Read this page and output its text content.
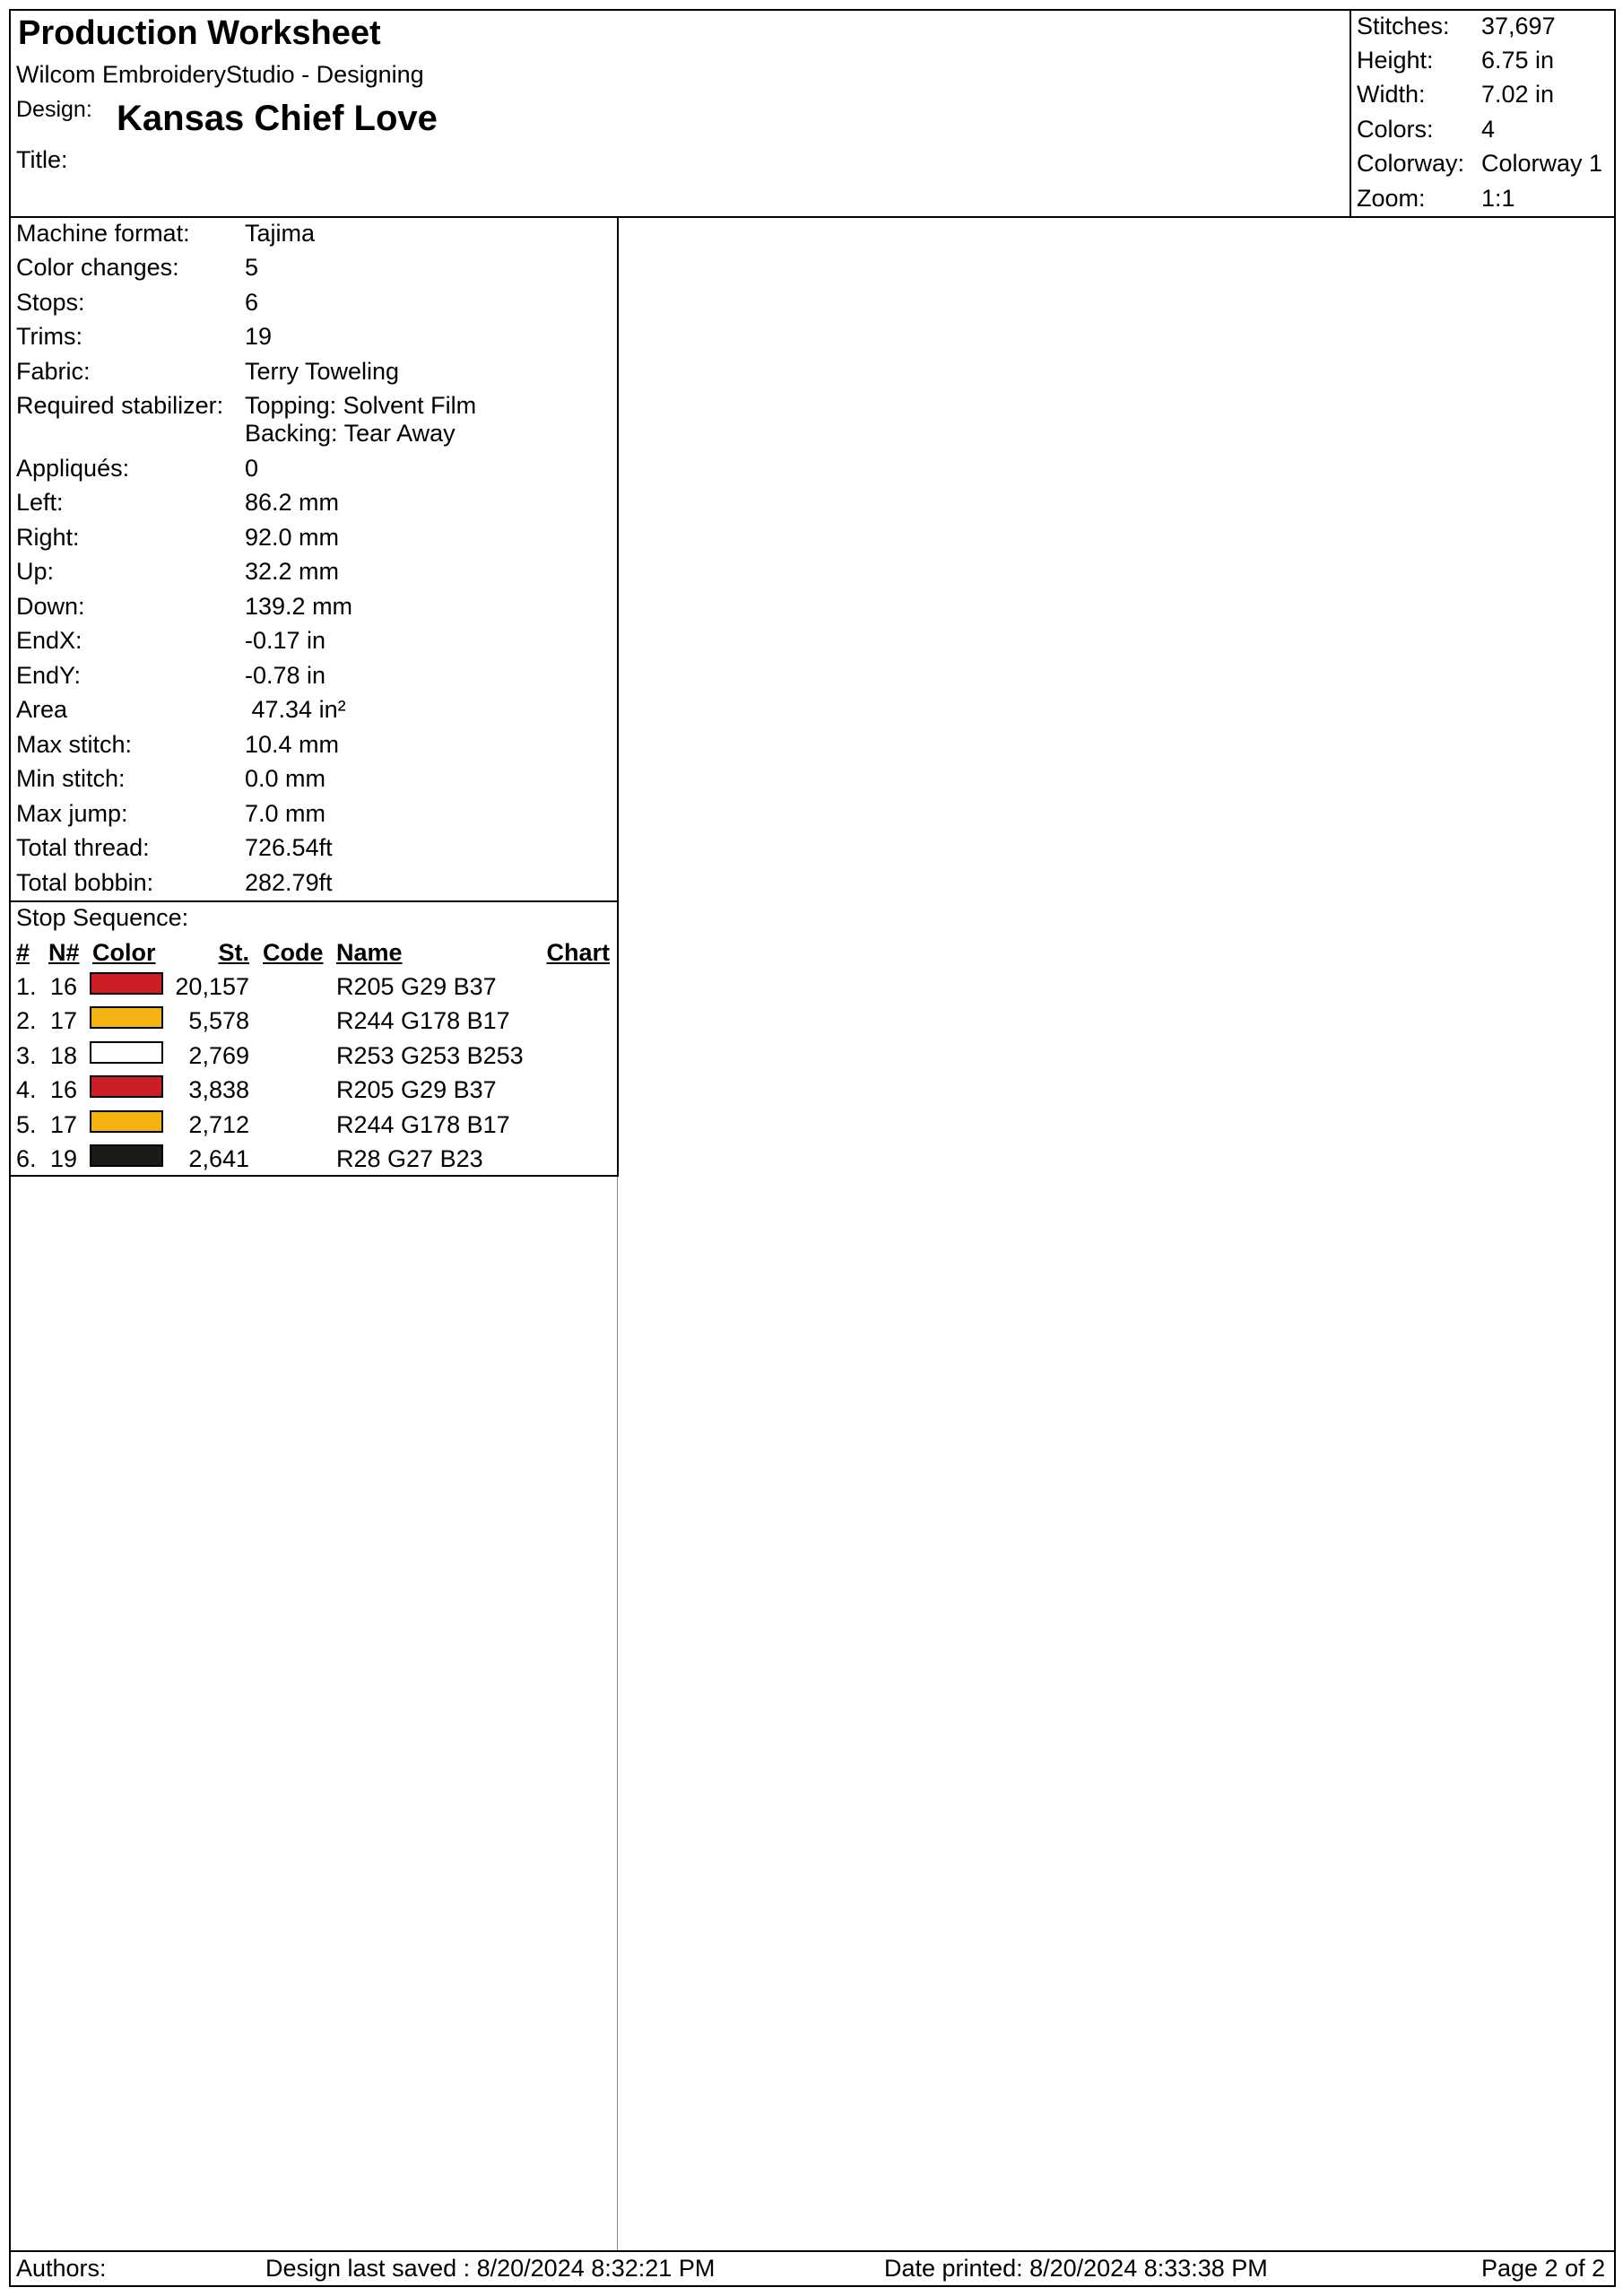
Production Worksheet
Wilcom EmbroideryStudio - Designing
Design: Kansas Chief Love
Title:
Stitches: 37,697
Height: 6.75 in
Width: 7.02 in
Colors: 4
Colorway: Colorway 1
Zoom: 1:1
Machine format: Tajima
Color changes:	5
Stops:	6
Trims:	19
Fabric:	Terry Toweling
Required stabilizer: Topping: Solvent Film
Backing: Tear Away
Appliqués:	0
Left:	86.2 mm
Right:	92.0 mm
Up:	32.2 mm
Down:	139.2 mm
EndX:	-0.17 in
EndY:	-0.78 in
Area	47.34 in²
Max stitch:	10.4 mm
Min stitch:	0.0 mm
Max jump:	7.0 mm
Total thread:	726.54ft
Total bobbin:	282.79ft
Stop Sequence:
# N# Color	St. Code Name	Chart
1. 16	20,157	R205 G29 B37
2. 17	5,578	R244 G178 B17
3. 18	2,769	R253 G253 B253
4. 16	3,838	R205 G29 B37
5. 17	2,712	R244 G178 B17
6. 19	2,641	R28 G27 B23
Authors:	Design last saved : 8/20/2024 8:32:21 PM	Date printed: 8/20/2024 8:33:38 PM	Page 2 of 2
